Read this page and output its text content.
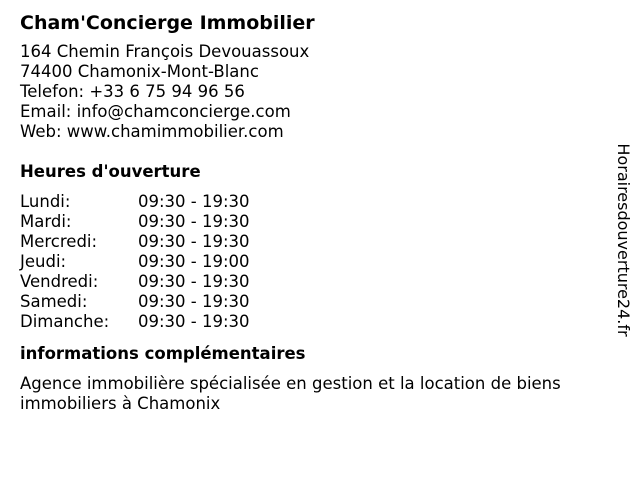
Cham'Concierge Immobilier
164 Chemin François Devouassoux
74400 Chamonix-Mont-Blanc
Telefon: +33 6 75 94 96 56
Email: info@chamconcierge.com
Web: www.chamimmobilier.com
Heures d'ouverture
Lundi:	09:30 - 19:30
Mardi:	09:30 - 19:30
Mercredi:	09:30 - 19:30
Jeudi:	09:30 - 19:00
Vendredi:	09:30 - 19:30
Samedi:	09:30 - 19:30
Dimanche:	09:30 - 19:30
informations complémentaires

Agence immobilière spécialisée en gestion et la location de biens immobiliers à Chamonix

Horairesdouverture24.fr
